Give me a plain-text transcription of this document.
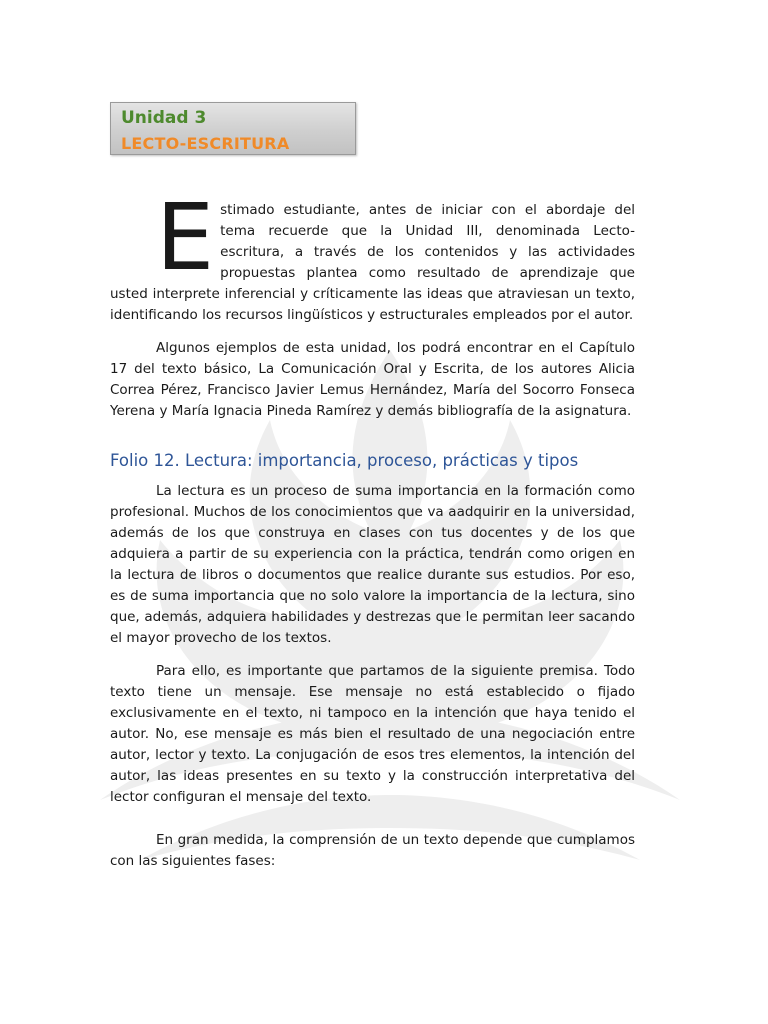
Unidad 3
LECTO-ESCRITURA

Estimado estudiante, antes de iniciar con el abordaje del tema recuerde que la Unidad III, denominada Lecto-escritura, a través de los contenidos y las actividades propuestas plantea como resultado de aprendizaje que usted interprete inferencial y críticamente las ideas que atraviesan un texto, identificando los recursos lingüísticos y estructurales empleados por el autor.

Algunos ejemplos de esta unidad, los podrá encontrar en el Capítulo 17 del texto básico, La Comunicación Oral y Escrita, de los autores Alicia Correa Pérez, Francisco Javier Lemus Hernández, María del Socorro Fonseca Yerena y María Ignacia Pineda Ramírez y demás bibliografía de la asignatura.

Folio 12. Lectura: importancia, proceso, prácticas y tipos

La lectura es un proceso de suma importancia en la formación como profesional. Muchos de los conocimientos que va aadquirir en la universidad, además de los que construya en clases con tus docentes y de los que adquiera a partir de su experiencia con la práctica, tendrán como origen en la lectura de libros o documentos que realice durante sus estudios. Por eso, es de suma importancia que no solo valore la importancia de la lectura, sino que, además, adquiera habilidades y destrezas que le permitan leer sacando el mayor provecho de los textos.

Para ello, es importante que partamos de la siguiente premisa. Todo texto tiene un mensaje. Ese mensaje no está establecido o fijado exclusivamente en el texto, ni tampoco en la intención que haya tenido el autor. No, ese mensaje es más bien el resultado de una negociación entre autor, lector y texto. La conjugación de esos tres elementos, la intención del autor, las ideas presentes en su texto y la construcción interpretativa del lector configuran el mensaje del texto.

En gran medida, la comprensión de un texto depende que cumplamos con las siguientes fases:
